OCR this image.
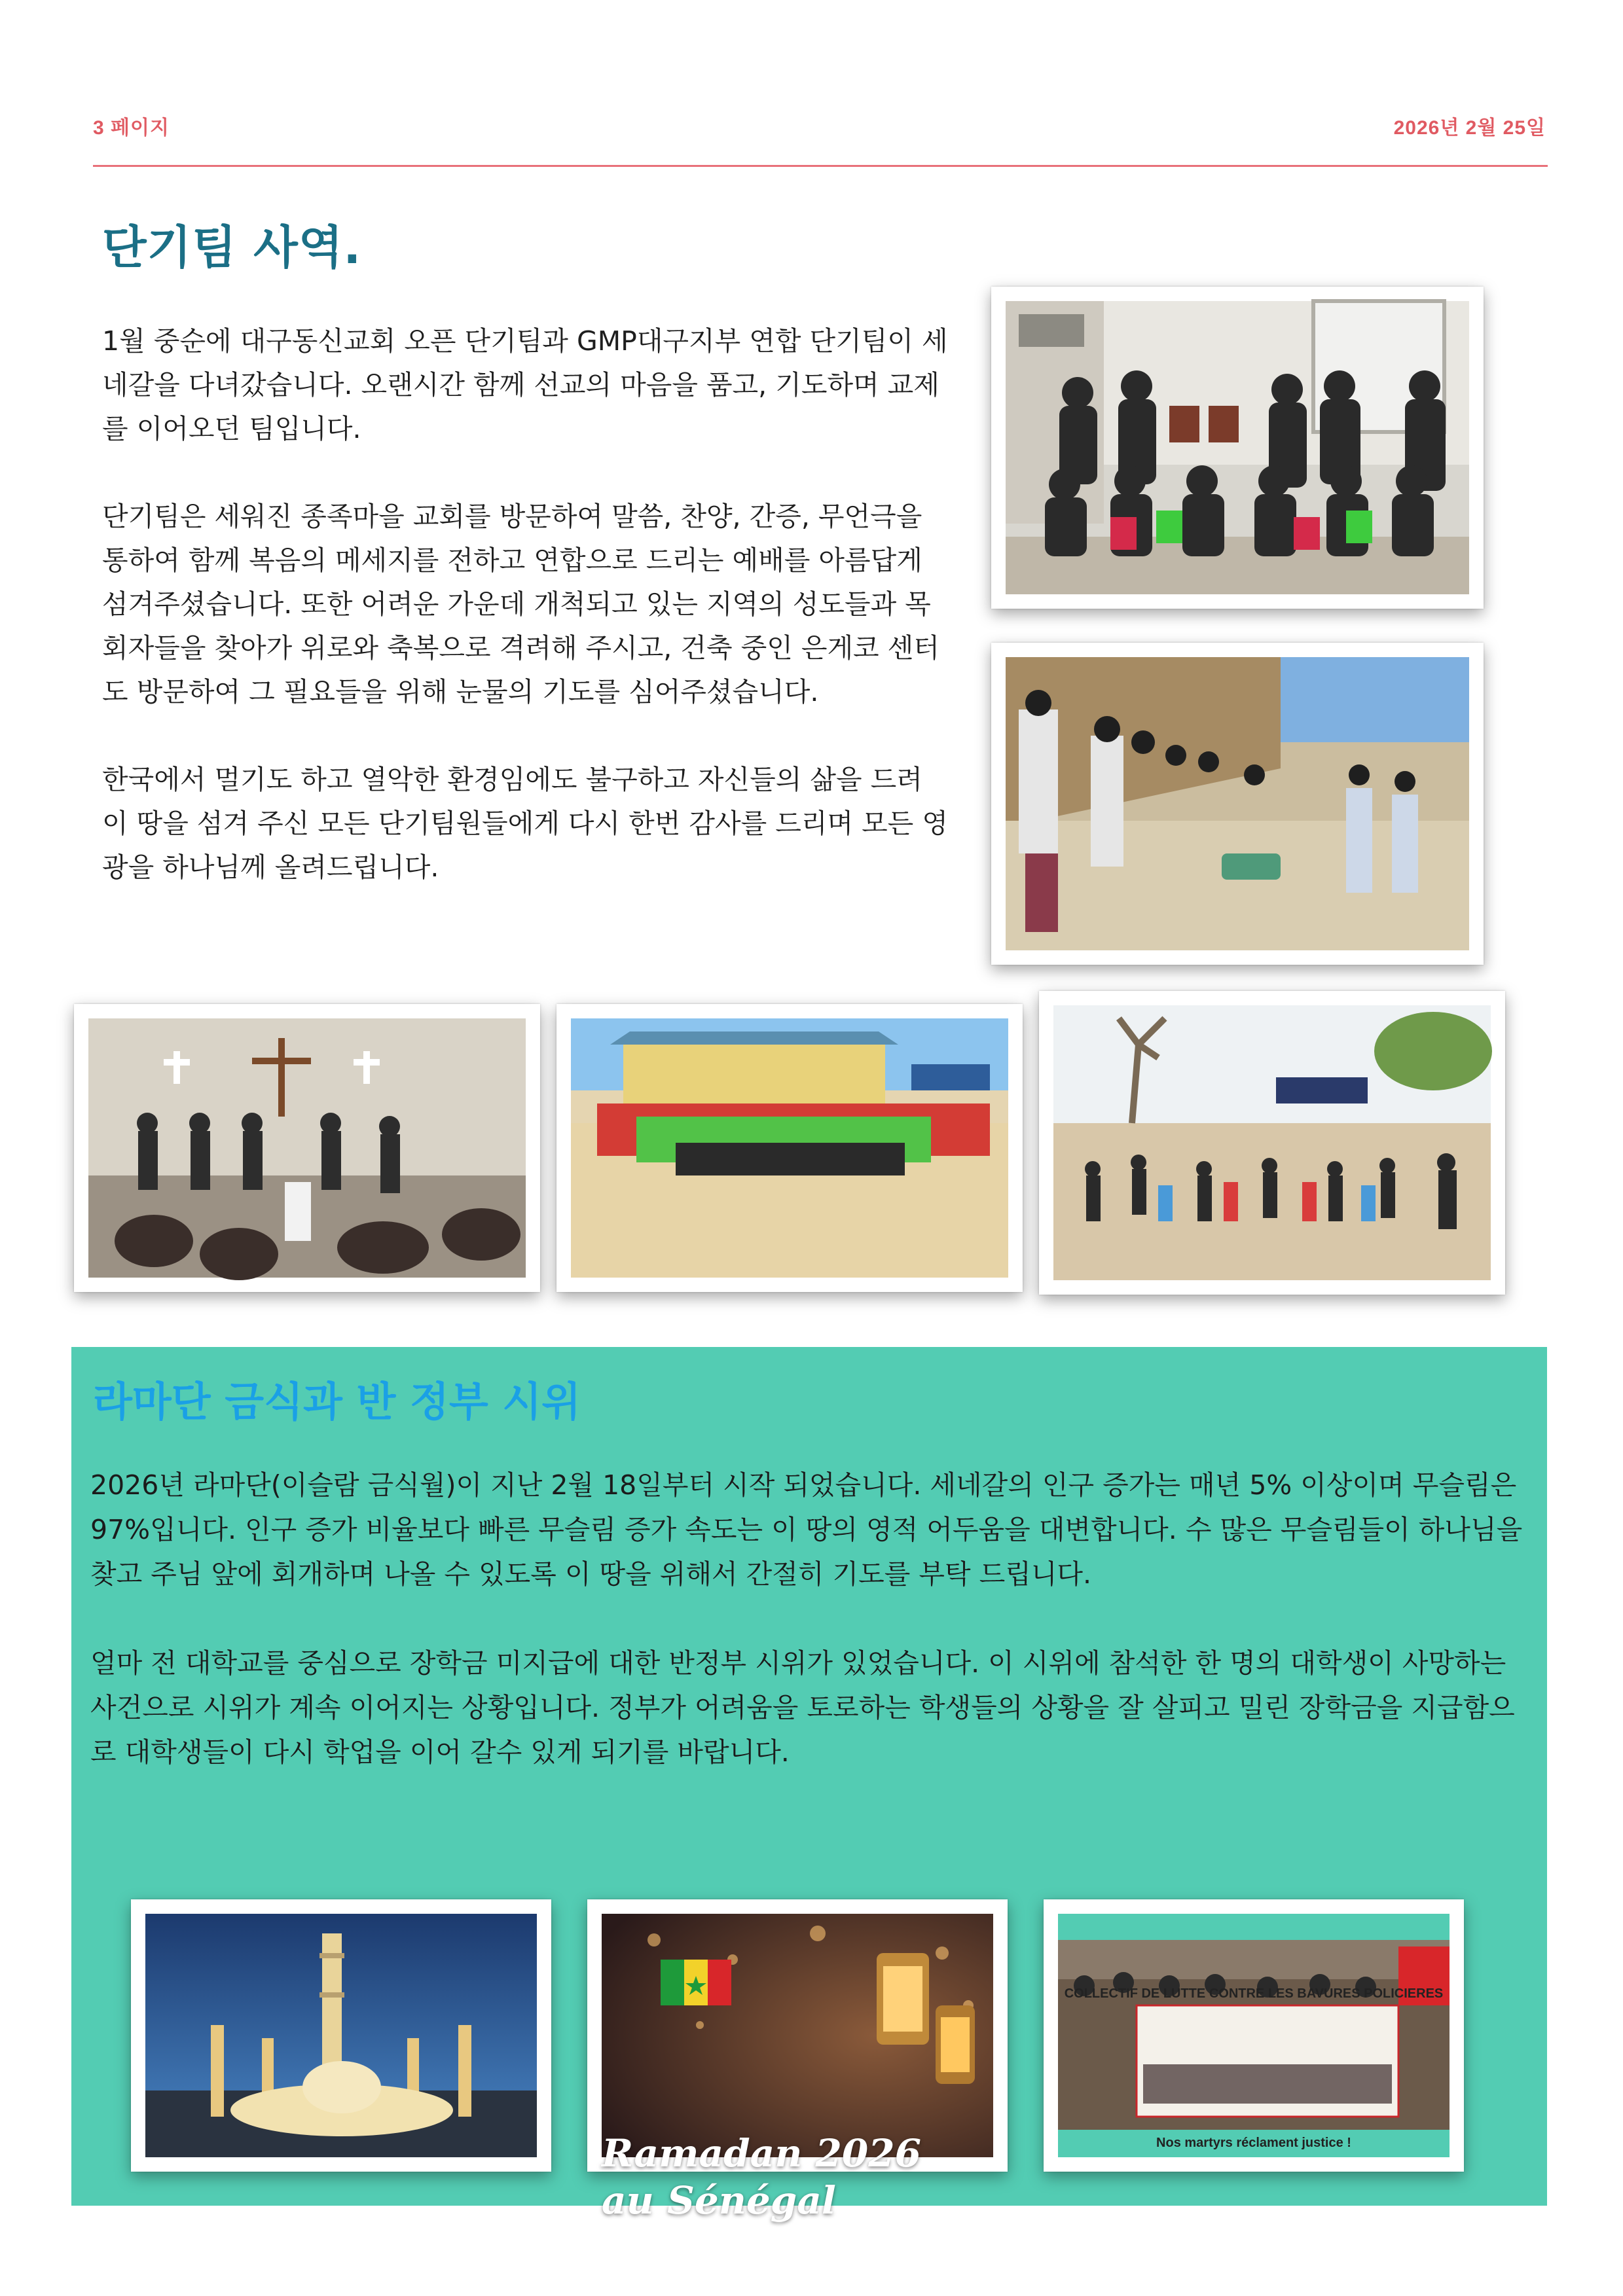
3 페이지	2026년 2월 25일
단기팀 사역.

1월 중순에 대구동신교회 오픈 단기팀과 GMP대구지부 연합 단기팀이 세네갈을 다녀갔습니다. 오랜시간 함께 선교의 마음을 품고, 기도하며 교제를 이어오던 팀입니다.

단기팀은 세워진 종족마을 교회를 방문하여 말씀, 찬양, 간증, 무언극을 통하여 함께 복음의 메세지를 전하고 연합으로 드리는 예배를 아름답게 섬겨주셨습니다. 또한 어려운 가운데 개척되고 있는 지역의 성도들과 목회자들을 찾아가 위로와 축복으로 격려해 주시고, 건축 중인 은게코 센터도 방문하여 그 필요들을 위해 눈물의 기도를 심어주셨습니다.

한국에서 멀기도 하고 열악한 환경임에도 불구하고 자신들의 삶을 드려 이 땅을 섬겨 주신 모든 단기팀원들에게 다시 한번 감사를 드리며 모든 영광을 하나님께 올려드립니다.

라마단 금식과 반 정부 시위

2026년 라마단(이슬람 금식월)이 지난 2월 18일부터 시작 되었습니다. 세네갈의 인구 증가는 매년 5% 이상이며 무슬림은 97%입니다. 인구 증가 비율보다 빠른 무슬림 증가 속도는 이 땅의 영적 어두움을 대변합니다. 수 많은 무슬림들이 하나님을 찾고 주님 앞에 회개하며 나올 수 있도록 이 땅을 위해서 간절히 기도를 부탁 드립니다.

얼마 전 대학교를 중심으로 장학금 미지급에 대한 반정부 시위가 있었습니다. 이 시위에 참석한 한 명의 대학생이 사망하는 사건으로 시위가 계속 이어지는 상황입니다. 정부가 어려움을 토로하는 학생들의 상황을 잘 살피고 밀린 장학금을 지급함으로 대학생들이 다시 학업을 이어 갈수 있게 되기를 바랍니다.

Ramadan 2026
au Sénégal
COLLECTIF DE LUTTE CONTRE LES BAVURES POLICIERES
Nos martyrs réclament justice !
